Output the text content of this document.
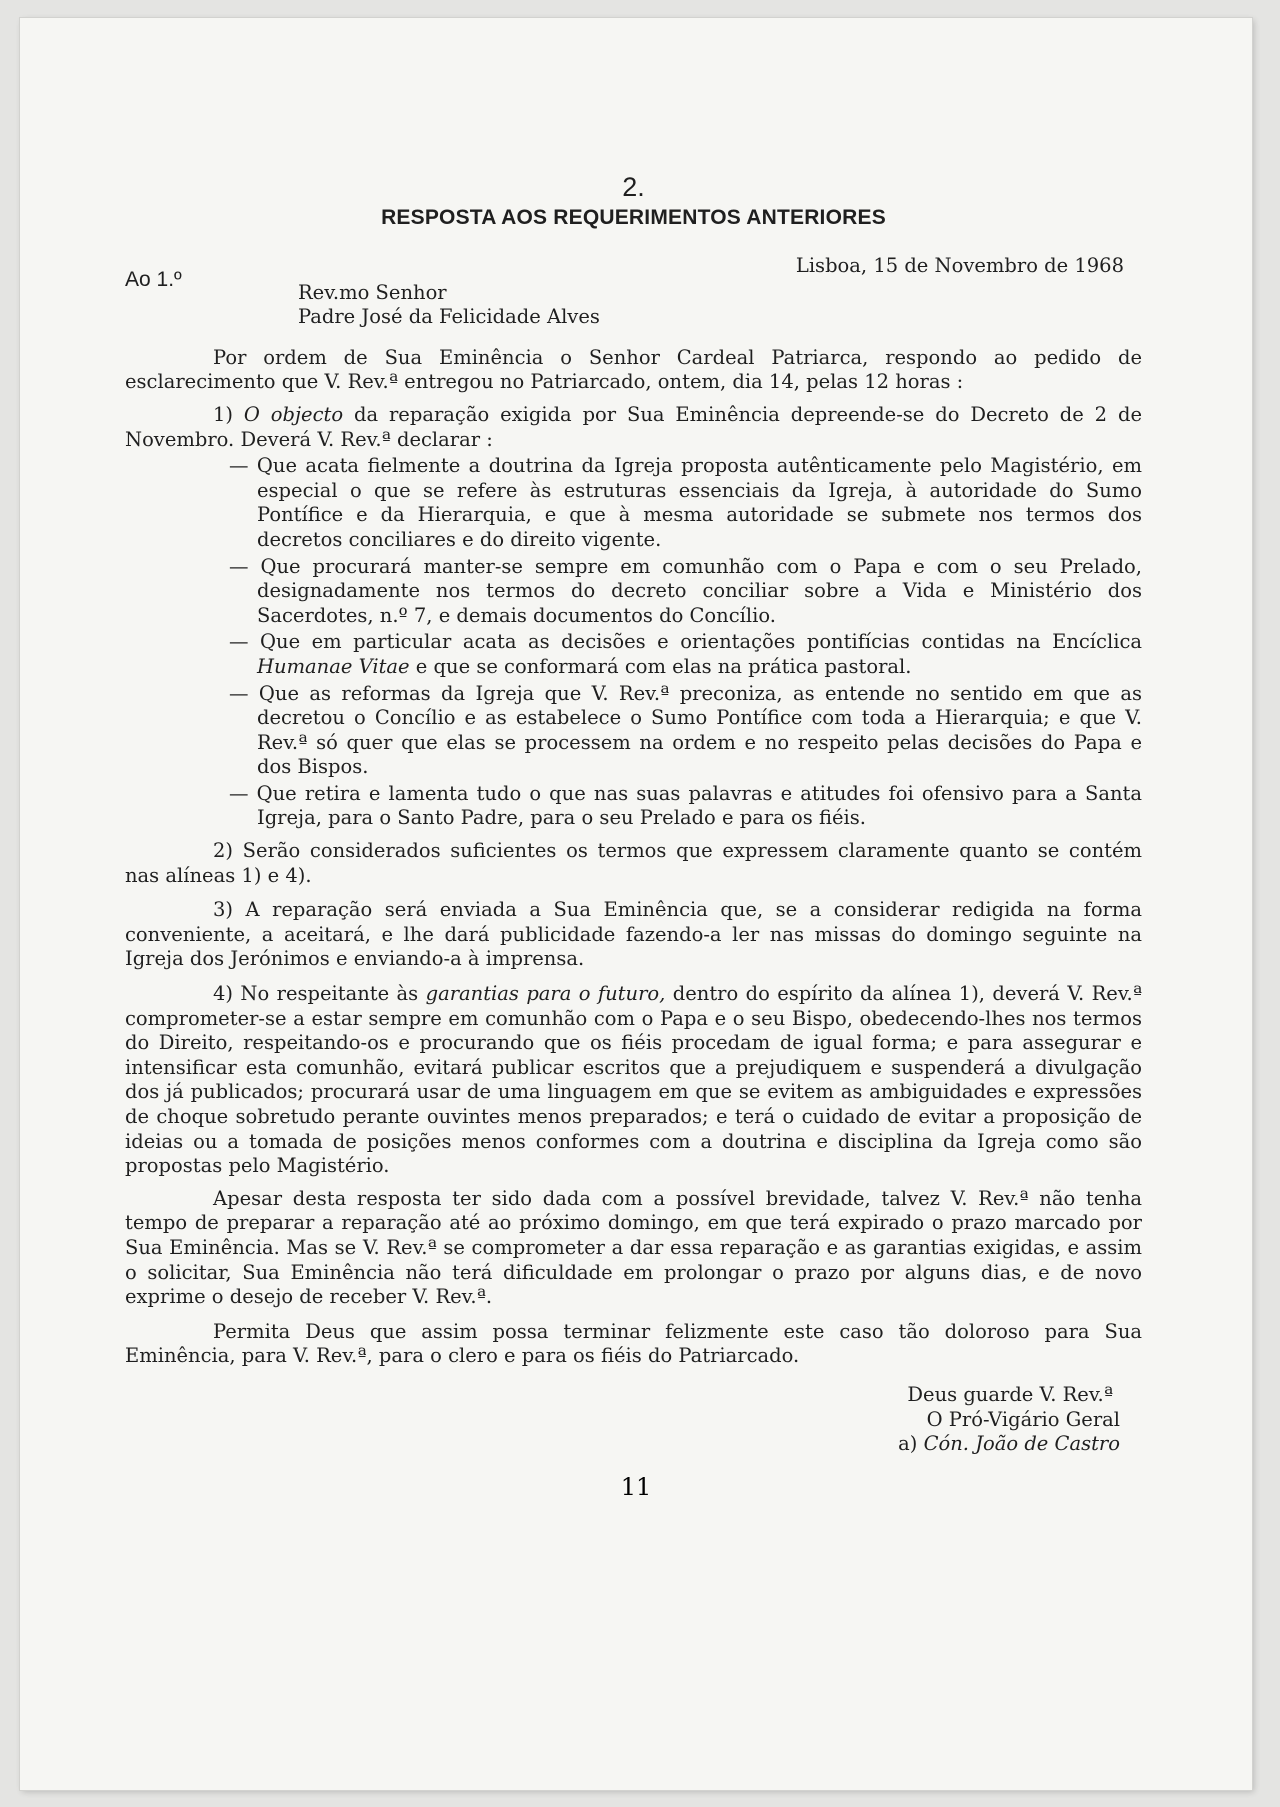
2.
RESPOSTA AOS REQUERIMENTOS ANTERIORES
Ao 1.º
Lisboa, 15 de Novembro de 1968
Rev.mo Senhor
Padre José da Felicidade Alves

Por ordem de Sua Eminência o Senhor Cardeal Patriarca, respondo ao pedido de esclarecimento que V. Rev.ª entregou no Patriarcado, ontem, dia 14, pelas 12 horas :

1) O objecto da reparação exigida por Sua Eminência depreende-se do Decreto de 2 de Novembro. Deverá V. Rev.ª declarar :

— Que acata fielmente a doutrina da Igreja proposta autênticamente pelo Magistério, em especial o que se refere às estruturas essenciais da Igreja, à autoridade do Sumo Pontífice e da Hierarquia, e que à mesma autoridade se submete nos termos dos decretos conciliares e do direito vigente.
— Que procurará manter-se sempre em comunhão com o Papa e com o seu Prelado, designadamente nos termos do decreto conciliar sobre a Vida e Ministério dos Sacerdotes, n.º 7, e demais documentos do Concílio.
— Que em particular acata as decisões e orientações pontifícias contidas na Encíclica Humanae Vitae e que se conformará com elas na prática pastoral.
— Que as reformas da Igreja que V. Rev.ª preconiza, as entende no sentido em que as decretou o Concílio e as estabelece o Sumo Pontífice com toda a Hierarquia; e que V. Rev.ª só quer que elas se processem na ordem e no respeito pelas decisões do Papa e dos Bispos.
— Que retira e lamenta tudo o que nas suas palavras e atitudes foi ofensivo para a Santa Igreja, para o Santo Padre, para o seu Prelado e para os fiéis.

2) Serão considerados suficientes os termos que expressem claramente quanto se contém nas alíneas 1) e 4).

3) A reparação será enviada a Sua Eminência que, se a considerar redigida na forma conveniente, a aceitará, e lhe dará publicidade fazendo-a ler nas missas do domingo seguinte na Igreja dos Jerónimos e enviando-a à imprensa.

4) No respeitante às garantias para o futuro, dentro do espírito da alínea 1), deverá V. Rev.ª comprometer-se a estar sempre em comunhão com o Papa e o seu Bispo, obedecendo-lhes nos termos do Direito, respeitando-os e procurando que os fiéis procedam de igual forma; e para assegurar e intensificar esta comunhão, evitará publicar escritos que a prejudiquem e suspenderá a divulgação dos já publicados; procurará usar de uma linguagem em que se evitem as ambiguidades e expressões de choque sobretudo perante ouvintes menos preparados; e terá o cuidado de evitar a proposição de ideias ou a tomada de posições menos conformes com a doutrina e disciplina da Igreja como são propostas pelo Magistério.

Apesar desta resposta ter sido dada com a possível brevidade, talvez V. Rev.ª não tenha tempo de preparar a reparação até ao próximo domingo, em que terá expirado o prazo marcado por Sua Eminência. Mas se V. Rev.ª se comprometer a dar essa reparação e as garantias exigidas, e assim o solicitar, Sua Eminência não terá dificuldade em prolongar o prazo por alguns dias, e de novo exprime o desejo de receber V. Rev.ª.

Permita Deus que assim possa terminar felizmente este caso tão doloroso para Sua Eminência, para V. Rev.ª, para o clero e para os fiéis do Patriarcado.

Deus guarde V. Rev.ª
O Pró-Vigário Geral
a) Cón. João de Castro
11
